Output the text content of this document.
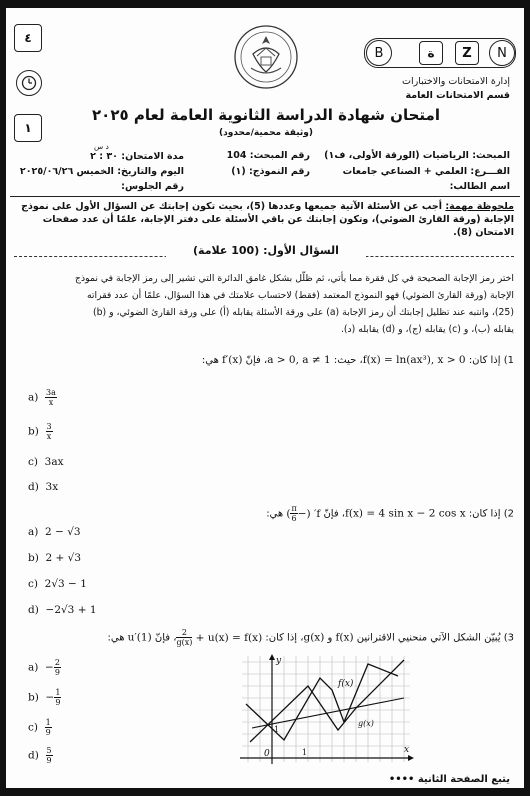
٤
١
B	ة Z N
إدارة الامتحانات والاختبارات
قسم الامتحانات العامة
امتحان شهادة الدراسة الثانوية العامة لعام ٢٠٢٥
(وثيقة محمية/محدود)
المبحث: الرياضيات (الورقة الأولى، ف١)
رقم المبحث: 104
د س
مدة الامتحان: ٣٠ : ٢
الفـــرع: العلمي + الصناعي جامعات
رقم النموذج: (١)
اليوم والتاريخ: الخميس ٢٠٢٥/٠٦/٢٦
اسم الطالب:
رقم الجلوس:
ملحوظة مهمة: أجب عن الأسئلة الآتية جميعها وعددها (5)، بحيث تكون إجابتك عن السؤال الأول على نموذج الإجابة (ورقة القارئ الضوئي)، وتكون إجابتك عن باقي الأسئلة على دفتر الإجابة، علمًا أن عدد صفحات الامتحان (8).
السؤال الأول: (100 علامة)
اختر رمز الإجابة الصحيحة في كل فقرة مما يأتي، ثم ظلّل بشكل غامق الدائرة التي تشير إلى رمز الإجابة في نموذج
الإجابة (ورقة القارئ الضوئي) فهو النموذج المعتمد (فقط) لاحتساب علامتك في هذا السؤال، علمًا أن عدد فقراته
(25)، وانتبه عند تظليل إجابتك أن رمز الإجابة (a) على ورقة الأسئلة يقابله (أ) على ورقة القارئ الضوئي، و (b)
يقابله (ب)، و (c) يقابله (ج)، و (d) يقابله (د).
1) إذا كان: f(x) = ln(ax³), x > 0، حيث: a > 0, a ≠ 1، فإنّ f′(x) هي:
$a) \frac{3a}{x}$
$b) \frac{3}{x}$
c) 3ax
d) 3x
2) إذا كان: f(x) = 4 sin x − 2 cos x، فإنّ f′ (−
$\frac{\pi}{6}$
) هي:
a) 2 − √3
b) 2 + √3
c) 2√3 − 1
d) −2√3 + 1
3) يُبيّن الشكل الآتي منحنيي الاقترانين f(x) و g(x)، إذا كان: u(x) = f(x) +
$\frac{2}{g(x)}$
، فإنّ u′(1) هي:
$a) - \frac{2}{9}$
$b) - \frac{1}{9}$
$c) \frac{1}{9}$
$d) \frac{5}{9}$
y
x
0	1
1
f(x)
g(x)
يتبع الصفحة الثانية ••••
